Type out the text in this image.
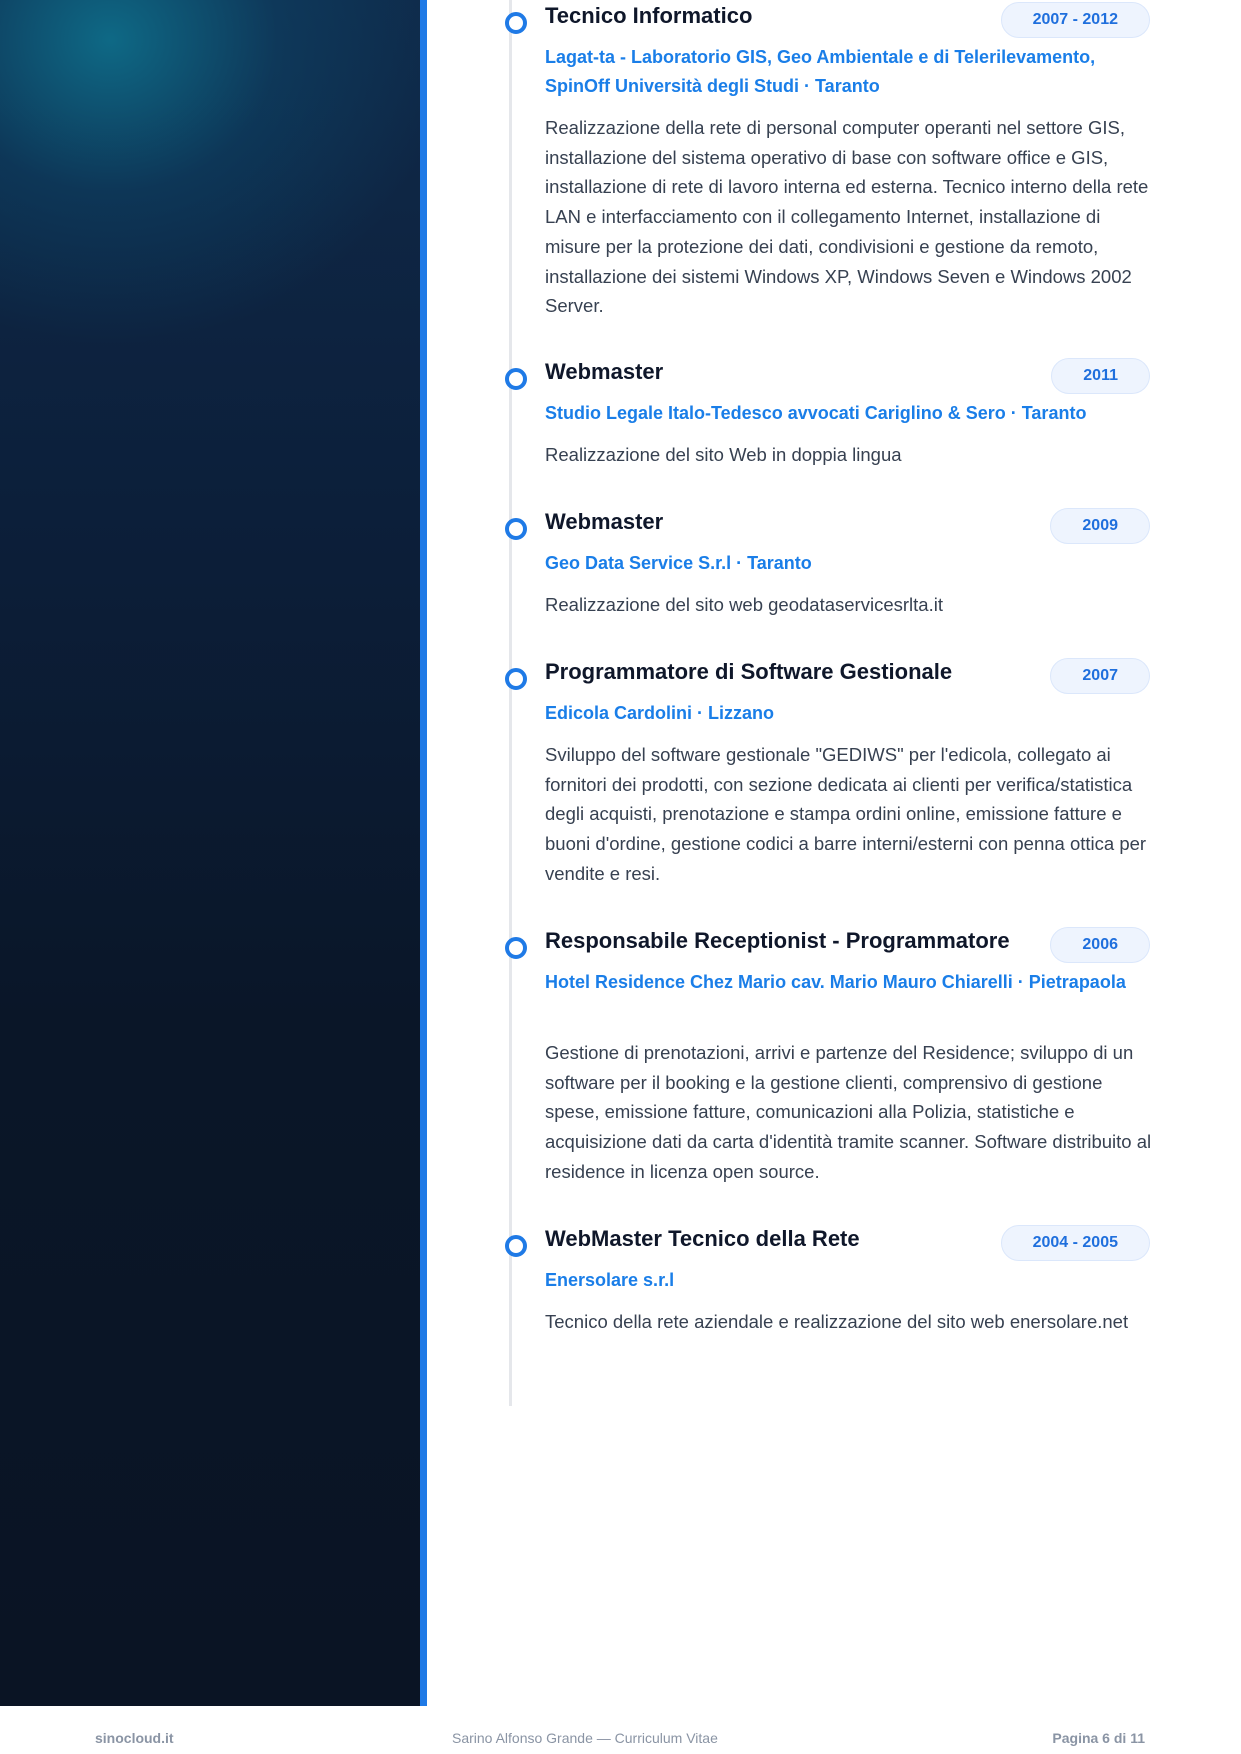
Tecnico Informatico	2007 - 2012
Lagat-ta - Laboratorio GIS, Geo Ambientale e di Telerilevamento, SpinOff Università degli Studi · Taranto
Realizzazione della rete di personal computer operanti nel settore GIS, installazione del sistema operativo di base con software office e GIS, installazione di rete di lavoro interna ed esterna. Tecnico interno della rete LAN e interfacciamento con il collegamento Internet, installazione di misure per la protezione dei dati, condivisioni e gestione da remoto, installazione dei sistemi Windows XP, Windows Seven e Windows 2002 Server.
Webmaster	2011
Studio Legale Italo-Tedesco avvocati Cariglino & Sero · Taranto
Realizzazione del sito Web in doppia lingua
Webmaster	2009
Geo Data Service S.r.l · Taranto
Realizzazione del sito web geodataservicesrlta.it
Programmatore di Software Gestionale	2007
Edicola Cardolini · Lizzano
Sviluppo del software gestionale "GEDIWS" per l'edicola, collegato ai fornitori dei prodotti, con sezione dedicata ai clienti per verifica/statistica degli acquisti, prenotazione e stampa ordini online, emissione fatture e buoni d'ordine, gestione codici a barre interni/esterni con penna ottica per vendite e resi.
Responsabile Receptionist - Programmatore	2006
Hotel Residence Chez Mario cav. Mario Mauro Chiarelli · Pietrapaola
Gestione di prenotazioni, arrivi e partenze del Residence; sviluppo di un software per il booking e la gestione clienti, comprensivo di gestione spese, emissione fatture, comunicazioni alla Polizia, statistiche e acquisizione dati da carta d'identità tramite scanner. Software distribuito al residence in licenza open source.
WebMaster Tecnico della Rete	2004 - 2005
Enersolare s.r.l
Tecnico della rete aziendale e realizzazione del sito web enersolare.net
sinocloud.it	Sarino Alfonso Grande — Curriculum Vitae	Pagina 6 di 11
